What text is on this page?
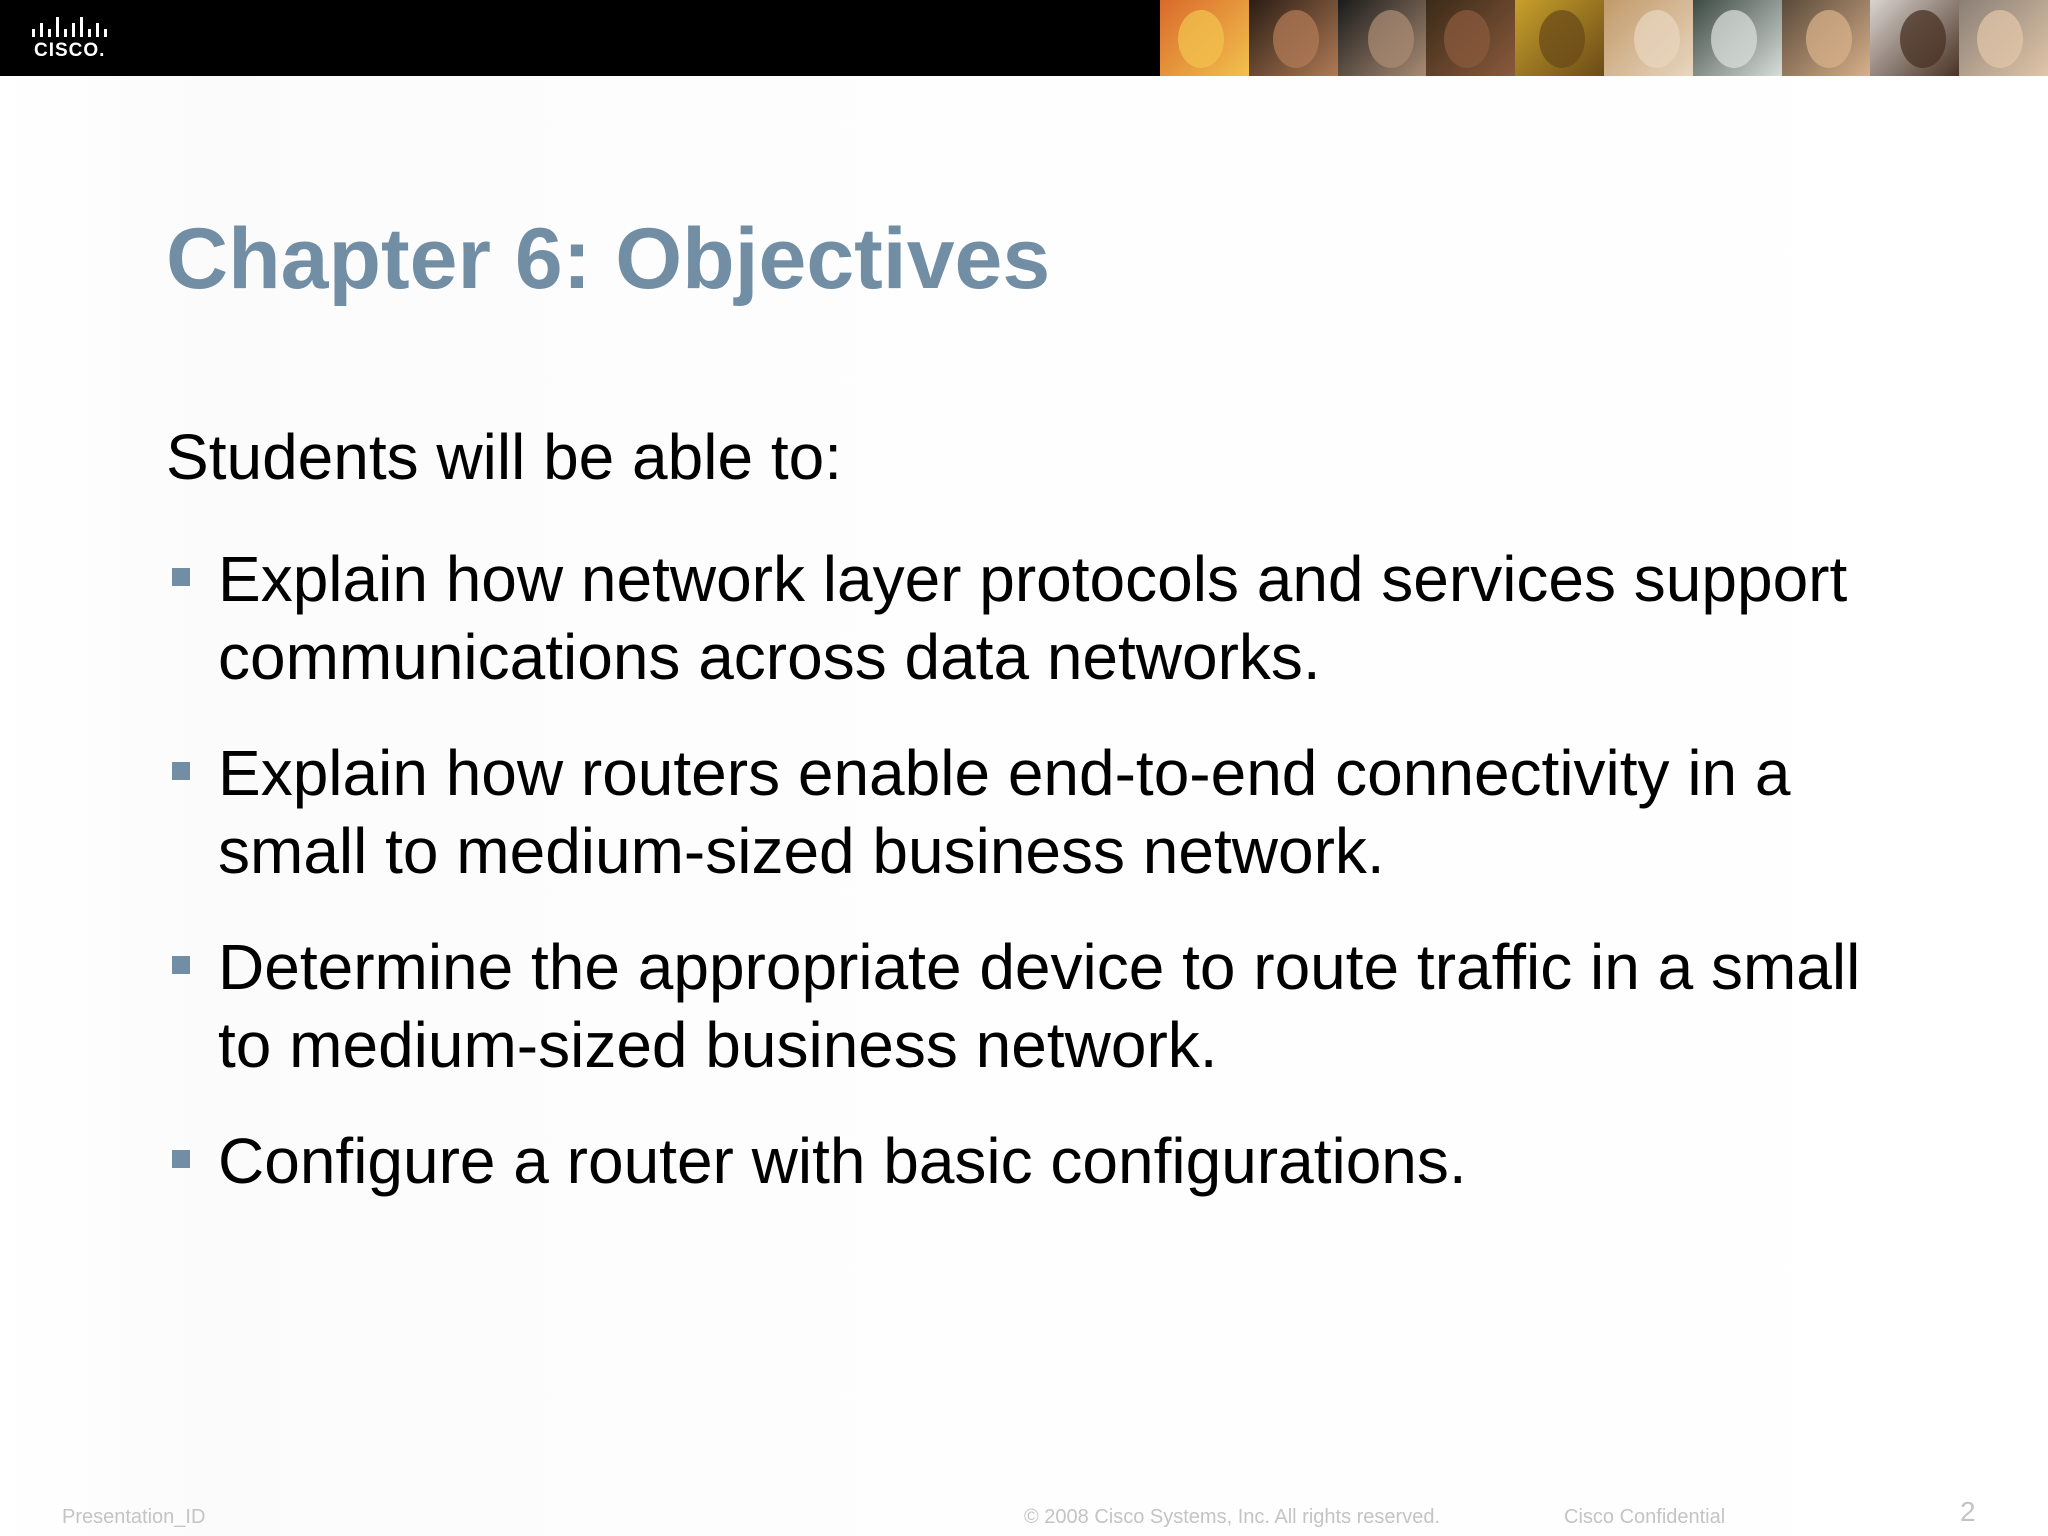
CISCO.
Chapter 6: Objectives
Students will be able to:
Explain how network layer protocols and services support communications across data networks.
Explain how routers enable end-to-end connectivity in a small to medium-sized business network.
Determine the appropriate device to route traffic in a small to medium-sized business network.
Configure a router with basic configurations.
Presentation_ID	© 2008 Cisco Systems, Inc. All rights reserved.	Cisco Confidential	2
